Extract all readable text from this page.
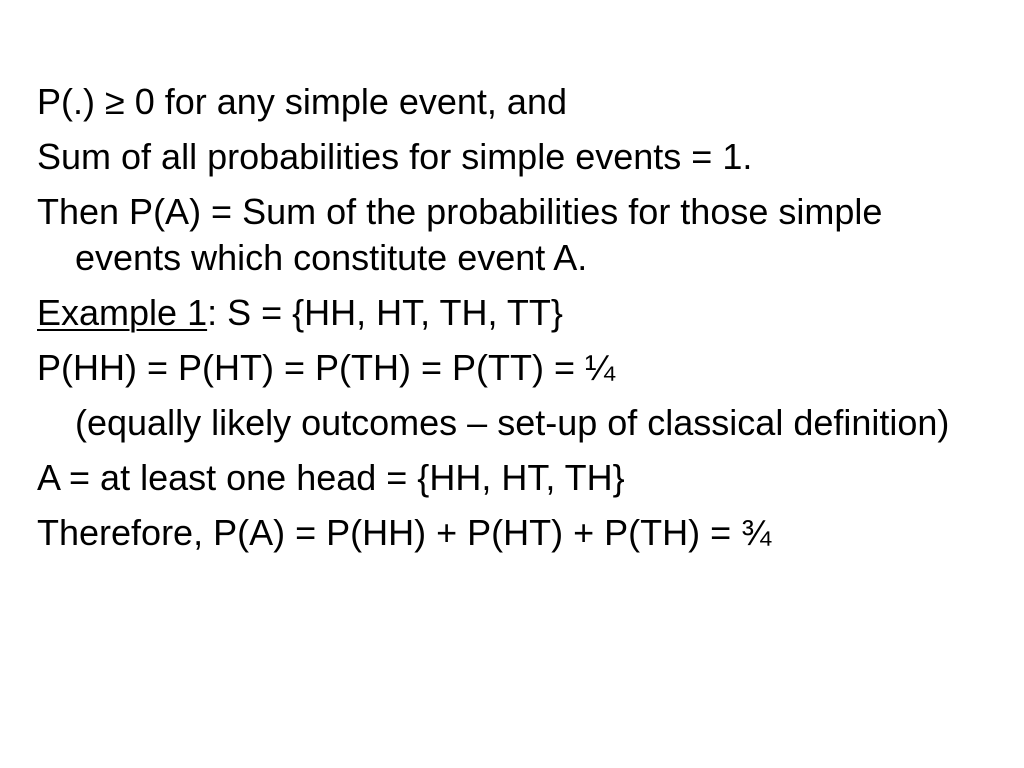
P(.) ≥ 0 for any simple event, and

Sum of all probabilities for simple events = 1.

Then P(A) = Sum of the probabilities for those simple events which constitute event A.

Example 1: S = {HH, HT, TH, TT}

P(HH) = P(HT) = P(TH) = P(TT) = ¼

(equally likely outcomes – set-up of classical definition)

A = at least one head = {HH, HT, TH}

Therefore, P(A) = P(HH) + P(HT) + P(TH) = ¾
